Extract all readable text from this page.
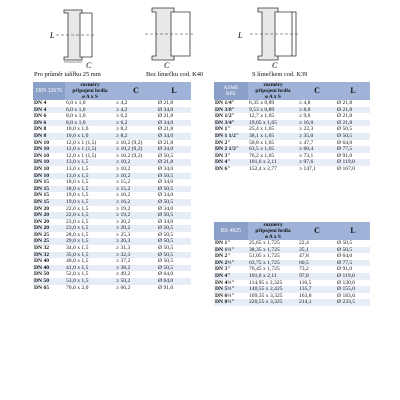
L
C	C
L
C
Pro průměr talířku 25 mm	Bez límečku cod. K40	S límečkem cod. K39
DIN 32676	rozměry
připojení hrdla
ø A x S	C	L
DN 4	6,0 x 1,0	≥ 4,2	Ø 21,8
DN 4	6,0 x 1,0	≥ 4,2	Ø 34,0
DN 6	8,0 x 1,0	≥ 6,2	Ø 21,8
DN 6	8,0 x 1,0	≥ 6,2	Ø 34,0
DN 8	10,0 x 1,0	≥ 8,2	Ø 21,8
DN 8	10,0 x 1,0	≥ 8,2	Ø 34,0
DN 10	12,0 x 1 (1,5)	≥ 10,2 (9,2)	Ø 21,8
DN 10	12,0 x 1 (1,5)	≥ 10,2 (9,2)	Ø 34,0
DN 10	12,0 x 1 (1,5)	≥ 10,2 (9,2)	Ø 50,5
DN 10	13,0 x 1,5	≥ 10,2	Ø 21,8
DN 10	13,0 x 1,5	≥ 10,2	Ø 34,0
DN 10	13,0 x 1,5	≥ 10,2	Ø 50,5
DN 15	18,0 x 1,5	≥ 15,2	Ø 34,0
DN 15	18,0 x 1,5	≥ 15,2	Ø 50,5
DN 15	19,0 x 1,5	≥ 16,2	Ø 34,0
DN 15	19,0 x 1,5	≥ 16,2	Ø 50,5
DN 20	22,0 x 1,5	≥ 19,2	Ø 34,0
DN 20	22,0 x 1,5	≥ 19,2	Ø 50,5
DN 20	23,0 x 1,5	≥ 20,2	Ø 34,0
DN 20	23,0 x 1,5	≥ 20,2	Ø 50,5
DN 25	28,0 x 1,5	≥ 25,3	Ø 50,5
DN 25	29,0 x 1,5	≥ 26,3	Ø 50,5
DN 32	34,0 x 1,5	≥ 31,3	Ø 50,5
DN 32	35,0 x 1,5	≥ 32,3	Ø 50,5
DN 40	40,0 x 1,5	≥ 37,2	Ø 50,5
DN 40	41,0 x 1,5	≥ 38,2	Ø 50,5
DN 50	52,0 x 1,5	≥ 49,2	Ø 64,0
DN 50	53,0 x 1,5	≥ 50,2	Ø 64,0
DN 65	70,0 x 2,0	≥ 66,2	Ø 91,0
ASME
BPE	rozměry
připojení hrdla
ø A x S	C	L
DN 1/4"	6,35 x 0,89	≥ 4,8	Ø 21,8
DN 3/8"	9,53 x 0,89	≥ 8,0	Ø 21,8
DN 1/2"	12,7 x 1,65	≥ 9,6	Ø 21,8
DN 3/4"	19,05 x 1,65	≥ 16,0	Ø 21,8
DN 1"	25,4 x 1,65	≥ 22,3	Ø 50,5
DN 1 1/2"	38,1 x 1,65	≥ 35,0	Ø 50,5
DN 2"	50,8 x 1,65	≥ 47,7	Ø 64,0
DN 2 1/2"	63,5 x 1,65	≥ 60,4	Ø 77,5
DN 3"	76,2 x 1,65	≥ 73,1	Ø 91,0
DN 4"	101,6 x 2,11	≥ 97,6	Ø 119,0
DN 6"	152,4 x 2,77	≥ 147,1	Ø 167,0
BS 4825	rozměry
připojení hrdla
ø A x S	C	L
DN 1"	25,65 x 1,725	22,4	Ø 50,5
DN 1½"	38,35 x 1,725	35,1	Ø 50,5
DN 2"	51,05 x 1,725	47,8	Ø 64,0
DN 2½"	63,75 x 1,725	60,5	Ø 77,5
DN 3"	76,45 x 1,725	73,2	Ø 91,0
DN 4"	101,6 x 2,11	97,8	Ø 119,0
DN 4½"	114,95 x 3,325	110,5	Ø 130,0
DN 5½"	140,55 x 2,425	135,7	Ø 155,0
DN 6½"	169,35 x 3,325	163,8	Ø 183,0
DN 8½"	220,55 x 3,325	214,1	Ø 233,5
